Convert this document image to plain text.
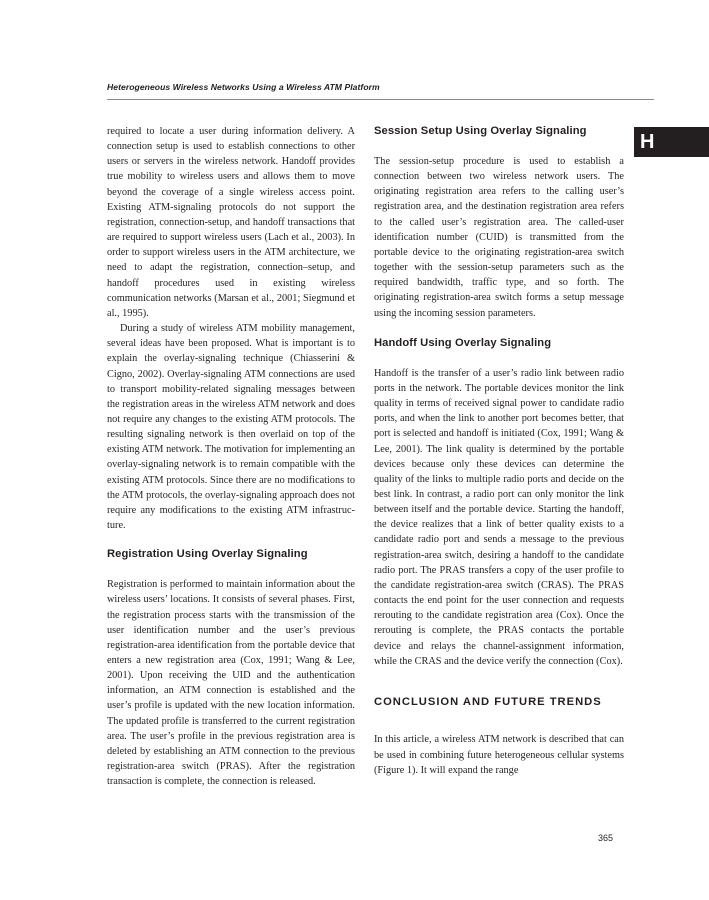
Heterogeneous Wireless Networks Using a Wireless ATM Platform
H

required to locate a user during information delivery. A connection setup is used to establish connections to other users or servers in the wireless network. Handoff provides true mobility to wireless users and allows them to move beyond the coverage of a single wireless access point. Existing ATM-signaling protocols do not support the registration, connection-setup, and handoff transactions that are required to support wireless users (Lach et al., 2003). In order to support wireless users in the ATM architecture, we need to adapt the registration, connection–setup, and handoff procedures used in existing wireless communication networks (Marsan et al., 2001; Siegmund et al., 1995).

During a study of wireless ATM mobility management, several ideas have been proposed. What is important is to explain the overlay-signaling technique (Chiasserini & Cigno, 2002). Overlay-signaling ATM connections are used to transport mobility-related signaling messages between the registration areas in the wireless ATM network and does not require any changes to the existing ATM protocols. The resulting signaling network is then overlaid on top of the existing ATM network. The motivation for implementing an overlay-signaling network is to remain compatible with the existing ATM protocols. Since there are no modifications to the ATM protocols, the overlay-signaling approach does not require any modifications to the existing ATM infrastructure.

Registration Using Overlay Signaling

Registration is performed to maintain information about the wireless users’ locations. It consists of several phases. First, the registration process starts with the transmission of the user identification number and the user’s previous registration-area identification from the portable device that enters a new registration area (Cox, 1991; Wang & Lee, 2001). Upon receiving the UID and the authentication information, an ATM connection is established and the user’s profile is updated with the new location information. The updated profile is transferred to the current registration area. The user’s profile in the previous registration area is deleted by establishing an ATM connection to the previous registration-area switch (PRAS). After the registration transaction is complete, the connection is released.

Session Setup Using Overlay Signaling

The session-setup procedure is used to establish a connection between two wireless network users. The originating registration area refers to the calling user’s registration area, and the destination registration area refers to the called user’s registration area. The called-user identification number (CUID) is transmitted from the portable device to the originating registration-area switch together with the session-setup parameters such as the required bandwidth, traffic type, and so forth. The originating registration-area switch forms a setup message using the incoming session parameters.

Handoff Using Overlay Signaling

Handoff is the transfer of a user’s radio link between radio ports in the network. The portable devices monitor the link quality in terms of received signal power to candidate radio ports, and when the link to another port becomes better, that port is selected and handoff is initiated (Cox, 1991; Wang & Lee, 2001). The link quality is determined by the portable devices because only these devices can determine the quality of the links to multiple radio ports and decide on the best link. In contrast, a radio port can only monitor the link between itself and the portable device. Starting the handoff, the device realizes that a link of better quality exists to a candidate radio port and sends a message to the previous registration-area switch, desiring a handoff to the candidate radio port. The PRAS transfers a copy of the user profile to the candidate registration-area switch (CRAS). The PRAS contacts the end point for the user connection and requests rerouting to the candidate registration area (Cox). Once the rerouting is complete, the PRAS contacts the portable device and relays the channel-assignment information, while the CRAS and the device verify the connection (Cox).

CONCLUSION AND FUTURE TRENDS

In this article, a wireless ATM network is described that can be used in combining future heterogeneous cellular systems (Figure 1). It will expand the range

365
